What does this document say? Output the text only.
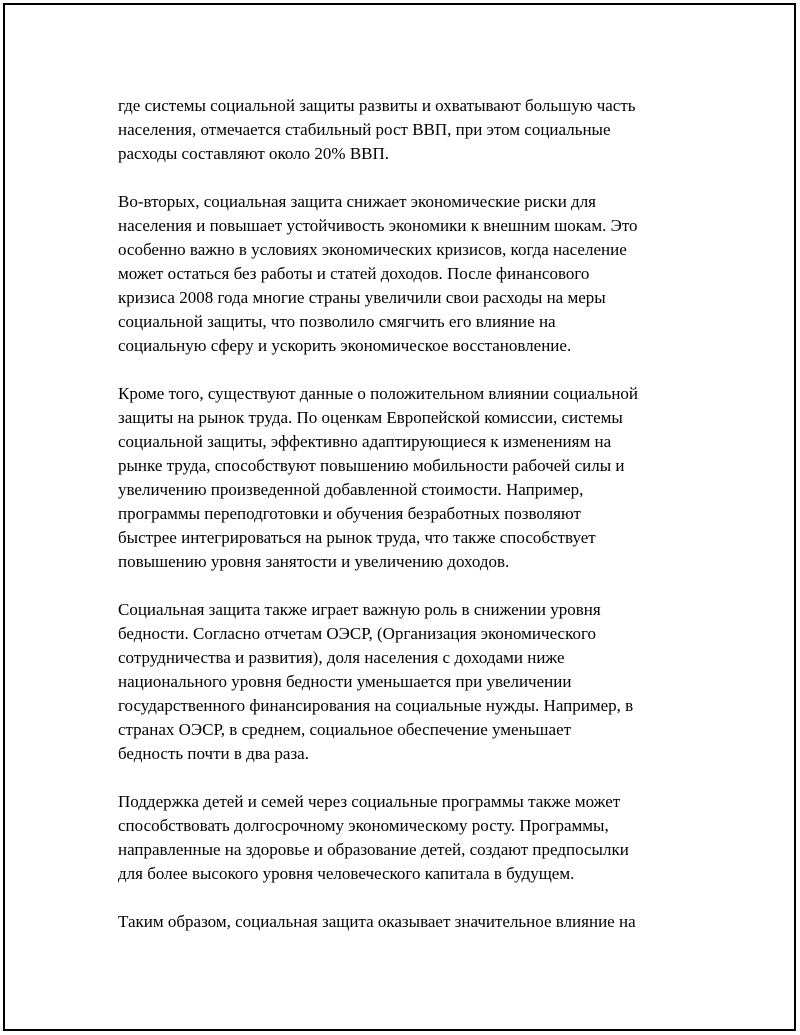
где системы социальной защиты развиты и охватывают большую часть
населения, отмечается стабильный рост ВВП, при этом социальные
расходы составляют около 20% ВВП.

Во-вторых, социальная защита снижает экономические риски для
населения и повышает устойчивость экономики к внешним шокам. Это
особенно важно в условиях экономических кризисов, когда население
может остаться без работы и статей доходов. После финансового
кризиса 2008 года многие страны увеличили свои расходы на меры
социальной защиты, что позволило смягчить его влияние на
социальную сферу и ускорить экономическое восстановление.

Кроме того, существуют данные о положительном влиянии социальной
защиты на рынок труда. По оценкам Европейской комиссии, системы
социальной защиты, эффективно адаптирующиеся к изменениям на
рынке труда, способствуют повышению мобильности рабочей силы и
увеличению произведенной добавленной стоимости. Например,
программы переподготовки и обучения безработных позволяют
быстрее интегрироваться на рынок труда, что также способствует
повышению уровня занятости и увеличению доходов.

Социальная защита также играет важную роль в снижении уровня
бедности. Согласно отчетам ОЭСР, (Организация экономического
сотрудничества и развития), доля населения с доходами ниже
национального уровня бедности уменьшается при увеличении
государственного финансирования на социальные нужды. Например, в
странах ОЭСР, в среднем, социальное обеспечение уменьшает
бедность почти в два раза.

Поддержка детей и семей через социальные программы также может
способствовать долгосрочному экономическому росту. Программы,
направленные на здоровье и образование детей, создают предпосылки
для более высокого уровня человеческого капитала в будущем.

Таким образом, социальная защита оказывает значительное влияние на
